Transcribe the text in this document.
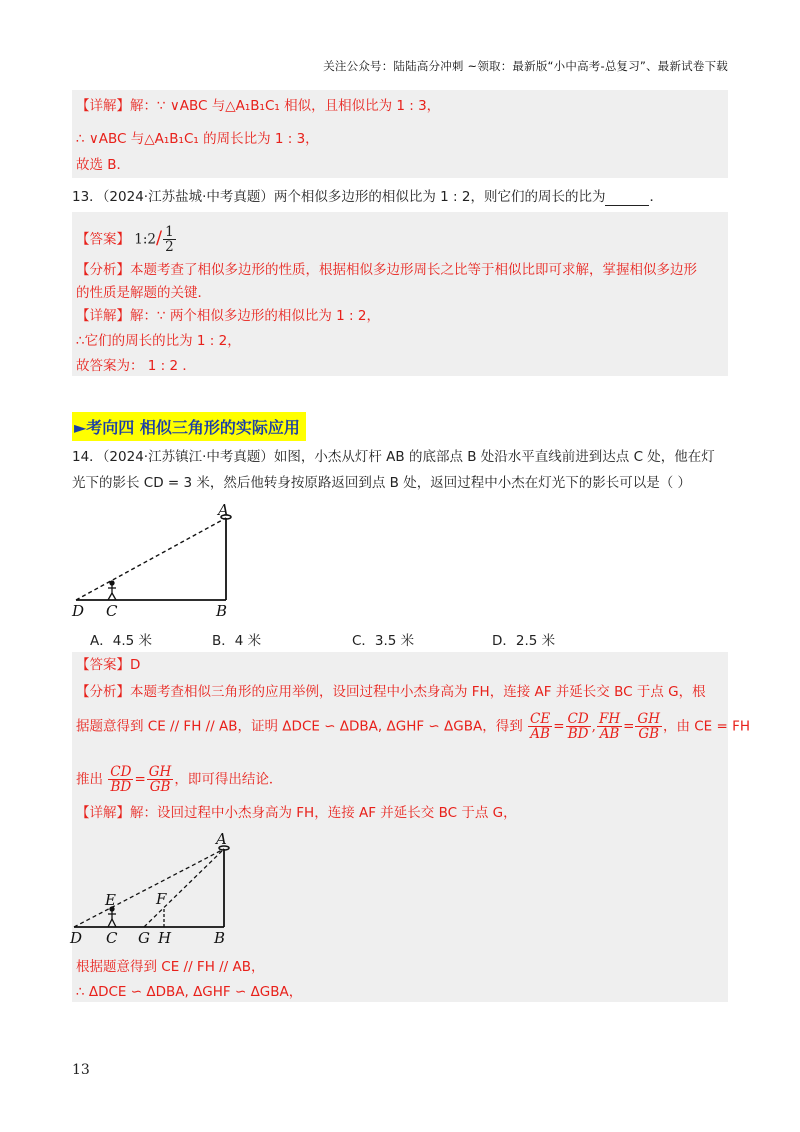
关注公众号：陆陆高分冲刺 ~领取：最新版“小中高考-总复习”、最新试卷下载
【详解】解：∵ ∨ABC 与△A₁B₁C₁ 相似，且相似比为 1 : 3，
∴ ∨ABC 与△A₁B₁C₁ 的周长比为 1 : 3，
故选 B．
13．（2024·江苏盐城·中考真题）两个相似多边形的相似比为 1 : 2，则它们的周长的比为	．
【答案】 1:2/ $\frac{1}{2}$
【分析】本题考查了相似多边形的性质，根据相似多边形周长之比等于相似比即可求解，掌握相似多边形
的性质是解题的关键．
【详解】解：∵ 两个相似多边形的相似比为 1 : 2，
∴它们的周长的比为 1 : 2，
故答案为： 1 : 2 ．
►考向四 相似三角形的实际应用
14．（2024·江苏镇江·中考真题）如图，小杰从灯杆 AB 的底部点 B 处沿水平直线前进到达点 C 处，他在灯
光下的影长 CD = 3 米，然后他转身按原路返回到点 B 处，返回过程中小杰在灯光下的影长可以是（ ）
A
D C	B
A．4.5 米	B．4 米	C．3.5 米	D．2.5 米
【答案】D
【分析】本题考查相似三角形的应用举例，设回过程中小杰身高为 FH，连接 AF 并延长交 BC 于点 G，根
据题意得到 CE // FH // AB，证明 ΔDCE ∽ ΔDBA, ΔGHF ∽ ΔGBA，得到 $\frac{CE}{AB} = \frac{CD}{BD}$ , $\frac{FH}{AB} = \frac{GH}{GB}$ ，由 CE = FH
推出 $\frac{CD}{BD} = \frac{GH}{GB}$ ，即可得出结论．
【详解】解：设回过程中小杰身高为 FH，连接 AF 并延长交 BC 于点 G，
A
E	F
D C G H	B
根据题意得到 CE // FH // AB，
∴ ΔDCE ∽ ΔDBA, ΔGHF ∽ ΔGBA，
13
